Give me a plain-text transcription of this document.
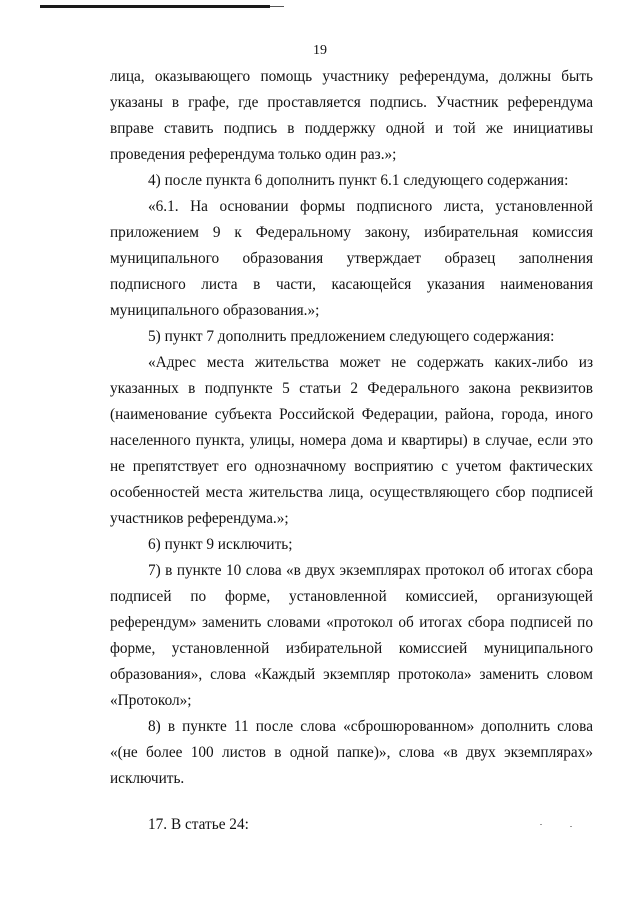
19

лица, оказывающего помощь участнику референдума, должны быть указаны в графе, где проставляется подпись. Участник референдума вправе ставить подпись в поддержку одной и той же инициативы проведения референдума только один раз.»;

4) после пункта 6 дополнить пункт 6.1 следующего содержания:

«6.1. На основании формы подписного листа, установленной приложением 9 к Федеральному закону, избирательная комиссия муниципального образования утверждает образец заполнения подписного листа в части, касающейся указания наименования муниципального образования.»;

5) пункт 7 дополнить предложением следующего содержания:

«Адрес места жительства может не содержать каких-либо из указанных в подпункте 5 статьи 2 Федерального закона реквизитов (наименование субъекта Российской Федерации, района, города, иного населенного пункта, улицы, номера дома и квартиры) в случае, если это не препятствует его однозначному восприятию с учетом фактических особенностей места жительства лица, осуществляющего сбор подписей участников референдума.»;

6) пункт 9 исключить;

7) в пункте 10 слова «в двух экземплярах протокол об итогах сбора подписей по форме, установленной комиссией, организующей референдум» заменить словами «протокол об итогах сбора подписей по форме, установленной избирательной комиссией муниципального образования», слова «Каждый экземпляр протокола» заменить словом «Протокол»;

8) в пункте 11 после слова «сброшюрованном» дополнить слова «(не более 100 листов в одной папке)», слова «в двух экземплярах» исключить.

17. В статье 24:
